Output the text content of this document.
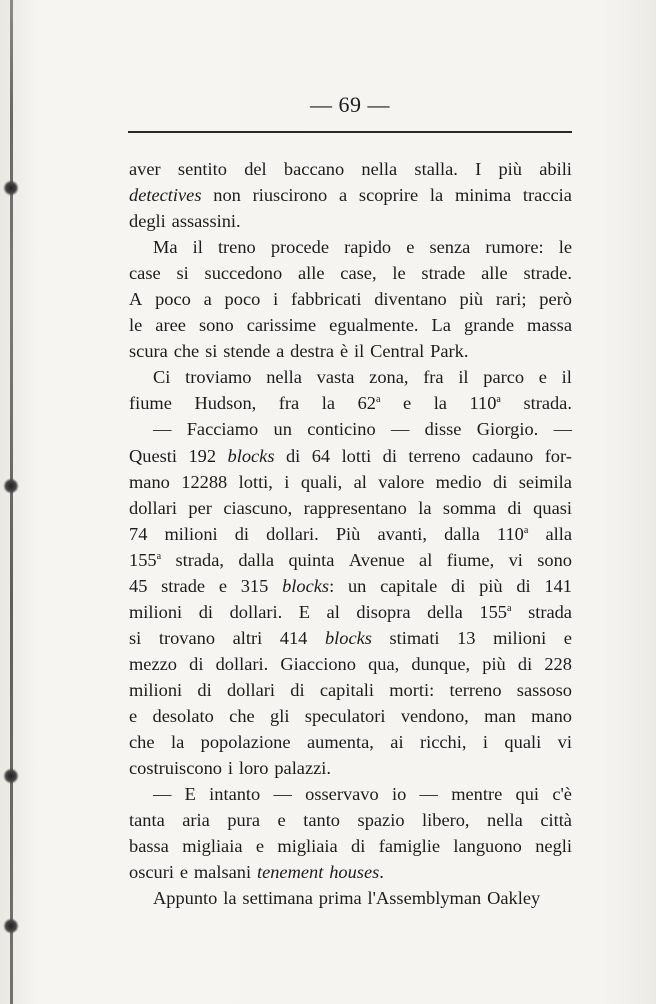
— 69 —
aver sentito del baccano nella stalla. I più abili
detectives non riuscirono a scoprire la minima traccia
degli assassini.
Ma il treno procede rapido e senza rumore: le
case si succedono alle case, le strade alle strade.
A poco a poco i fabbricati diventano più rari; però
le aree sono carissime egualmente. La grande massa
scura che si stende a destra è il Central Park.
Ci troviamo nella vasta zona, fra il parco e il
fiume Hudson, fra la 62$^a$ e la 110$^a$ strada.
— Facciamo un conticino — disse Giorgio. —
Questi 192 blocks di 64 lotti di terreno cadauno for-
mano 12288 lotti, i quali, al valore medio di seimila
dollari per ciascuno, rappresentano la somma di quasi
74 milioni di dollari. Più avanti, dalla 110$^a$ alla
155$^a$ strada, dalla quinta Avenue al fiume, vi sono
45 strade e 315 blocks: un capitale di più di 141
milioni di dollari. E al disopra della 155$^a$ strada
si trovano altri 414 blocks stimati 13 milioni e
mezzo di dollari. Giacciono qua, dunque, più di 228
milioni di dollari di capitali morti: terreno sassoso
e desolato che gli speculatori vendono, man mano
che la popolazione aumenta, ai ricchi, i quali vi
costruiscono i loro palazzi.
— E intanto — osservavo io — mentre qui c'è
tanta aria pura e tanto spazio libero, nella città
bassa migliaia e migliaia di famiglie languono negli
oscuri e malsani tenement houses.
Appunto la settimana prima l'Assemblyman Oakley
